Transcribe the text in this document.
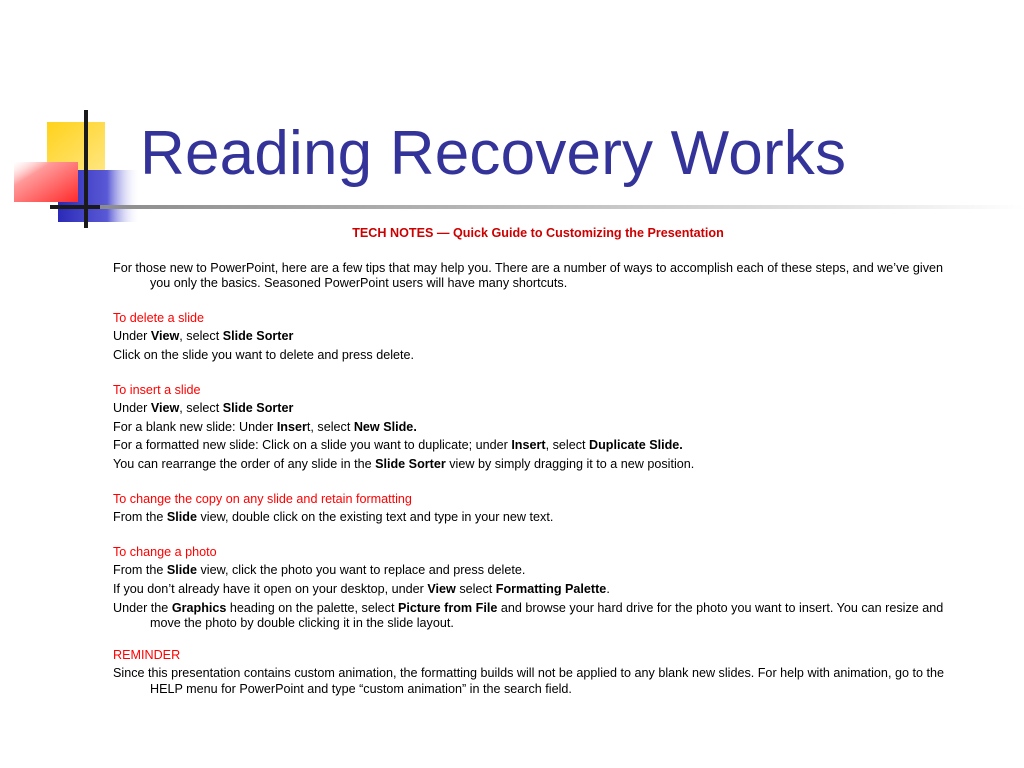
Reading Recovery Works

TECH NOTES — Quick Guide to Customizing the Presentation

For those new to PowerPoint, here are a few tips that may help you. There are a number of ways to accomplish each of these steps, and we’ve given you only the basics. Seasoned PowerPoint users will have many shortcuts.

To delete a slide

Under View, select Slide Sorter

Click on the slide you want to delete and press delete.

To insert a slide

Under View, select Slide Sorter

For a blank new slide: Under Insert, select New Slide.

For a formatted new slide: Click on a slide you want to duplicate; under Insert, select Duplicate Slide.

You can rearrange the order of any slide in the Slide Sorter view by simply dragging it to a new position.

To change the copy on any slide and retain formatting

From the Slide view, double click on the existing text and type in your new text.

To change a photo

From the Slide view, click the photo you want to replace and press delete.

If you don’t already have it open on your desktop, under View select Formatting Palette.

Under the Graphics heading on the palette, select Picture from File and browse your hard drive for the photo you want to insert. You can resize and move the photo by double clicking it in the slide layout.

REMINDER

Since this presentation contains custom animation, the formatting builds will not be applied to any blank new slides. For help with animation, go to the HELP menu for PowerPoint and type “custom animation” in the search field.
